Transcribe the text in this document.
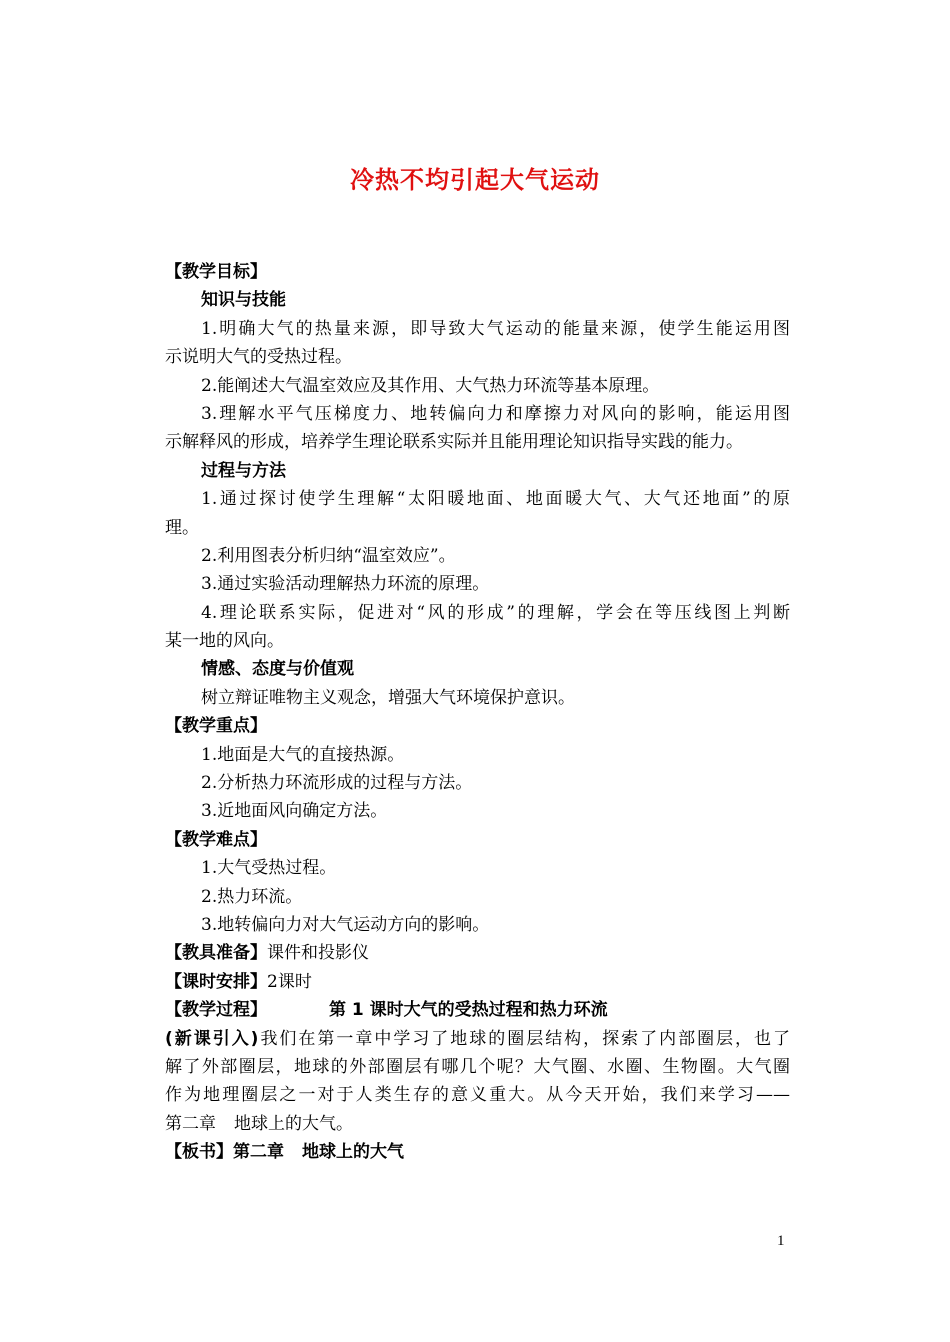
冷热不均引起大气运动
【教学目标】
知识与技能
1.明确大气的热量来源，即导致大气运动的能量来源，使学生能运用图
示说明大气的受热过程。
2.能阐述大气温室效应及其作用、大气热力环流等基本原理。
3.理解水平气压梯度力、地转偏向力和摩擦力对风向的影响，能运用图
示解释风的形成，培养学生理论联系实际并且能用理论知识指导实践的能力。
过程与方法
1.通过探讨使学生理解“太阳暖地面、地面暖大气、大气还地面”的原
理。
2.利用图表分析归纳“温室效应”。
3.通过实验活动理解热力环流的原理。
4.理论联系实际，促进对“风的形成”的理解，学会在等压线图上判断
某一地的风向。
情感、态度与价值观
树立辩证唯物主义观念，增强大气环境保护意识。
【教学重点】
1.地面是大气的直接热源。
2.分析热力环流形成的过程与方法。
3.近地面风向确定方法。
【教学难点】
1.大气受热过程。
2.热力环流。
3.地转偏向力对大气运动方向的影响。
【教具准备】课件和投影仪
【课时安排】2课时
【教学过程】	第 1 课时大气的受热过程和热力环流
(新课引入)我们在第一章中学习了地球的圈层结构，探索了内部圈层，也了
解了外部圈层，地球的外部圈层有哪几个呢？大气圈、水圈、生物圈。大气圈
作为地理圈层之一对于人类生存的意义重大。从今天开始，我们来学习——
第二章 地球上的大气。
【板书】第二章 地球上的大气
1
